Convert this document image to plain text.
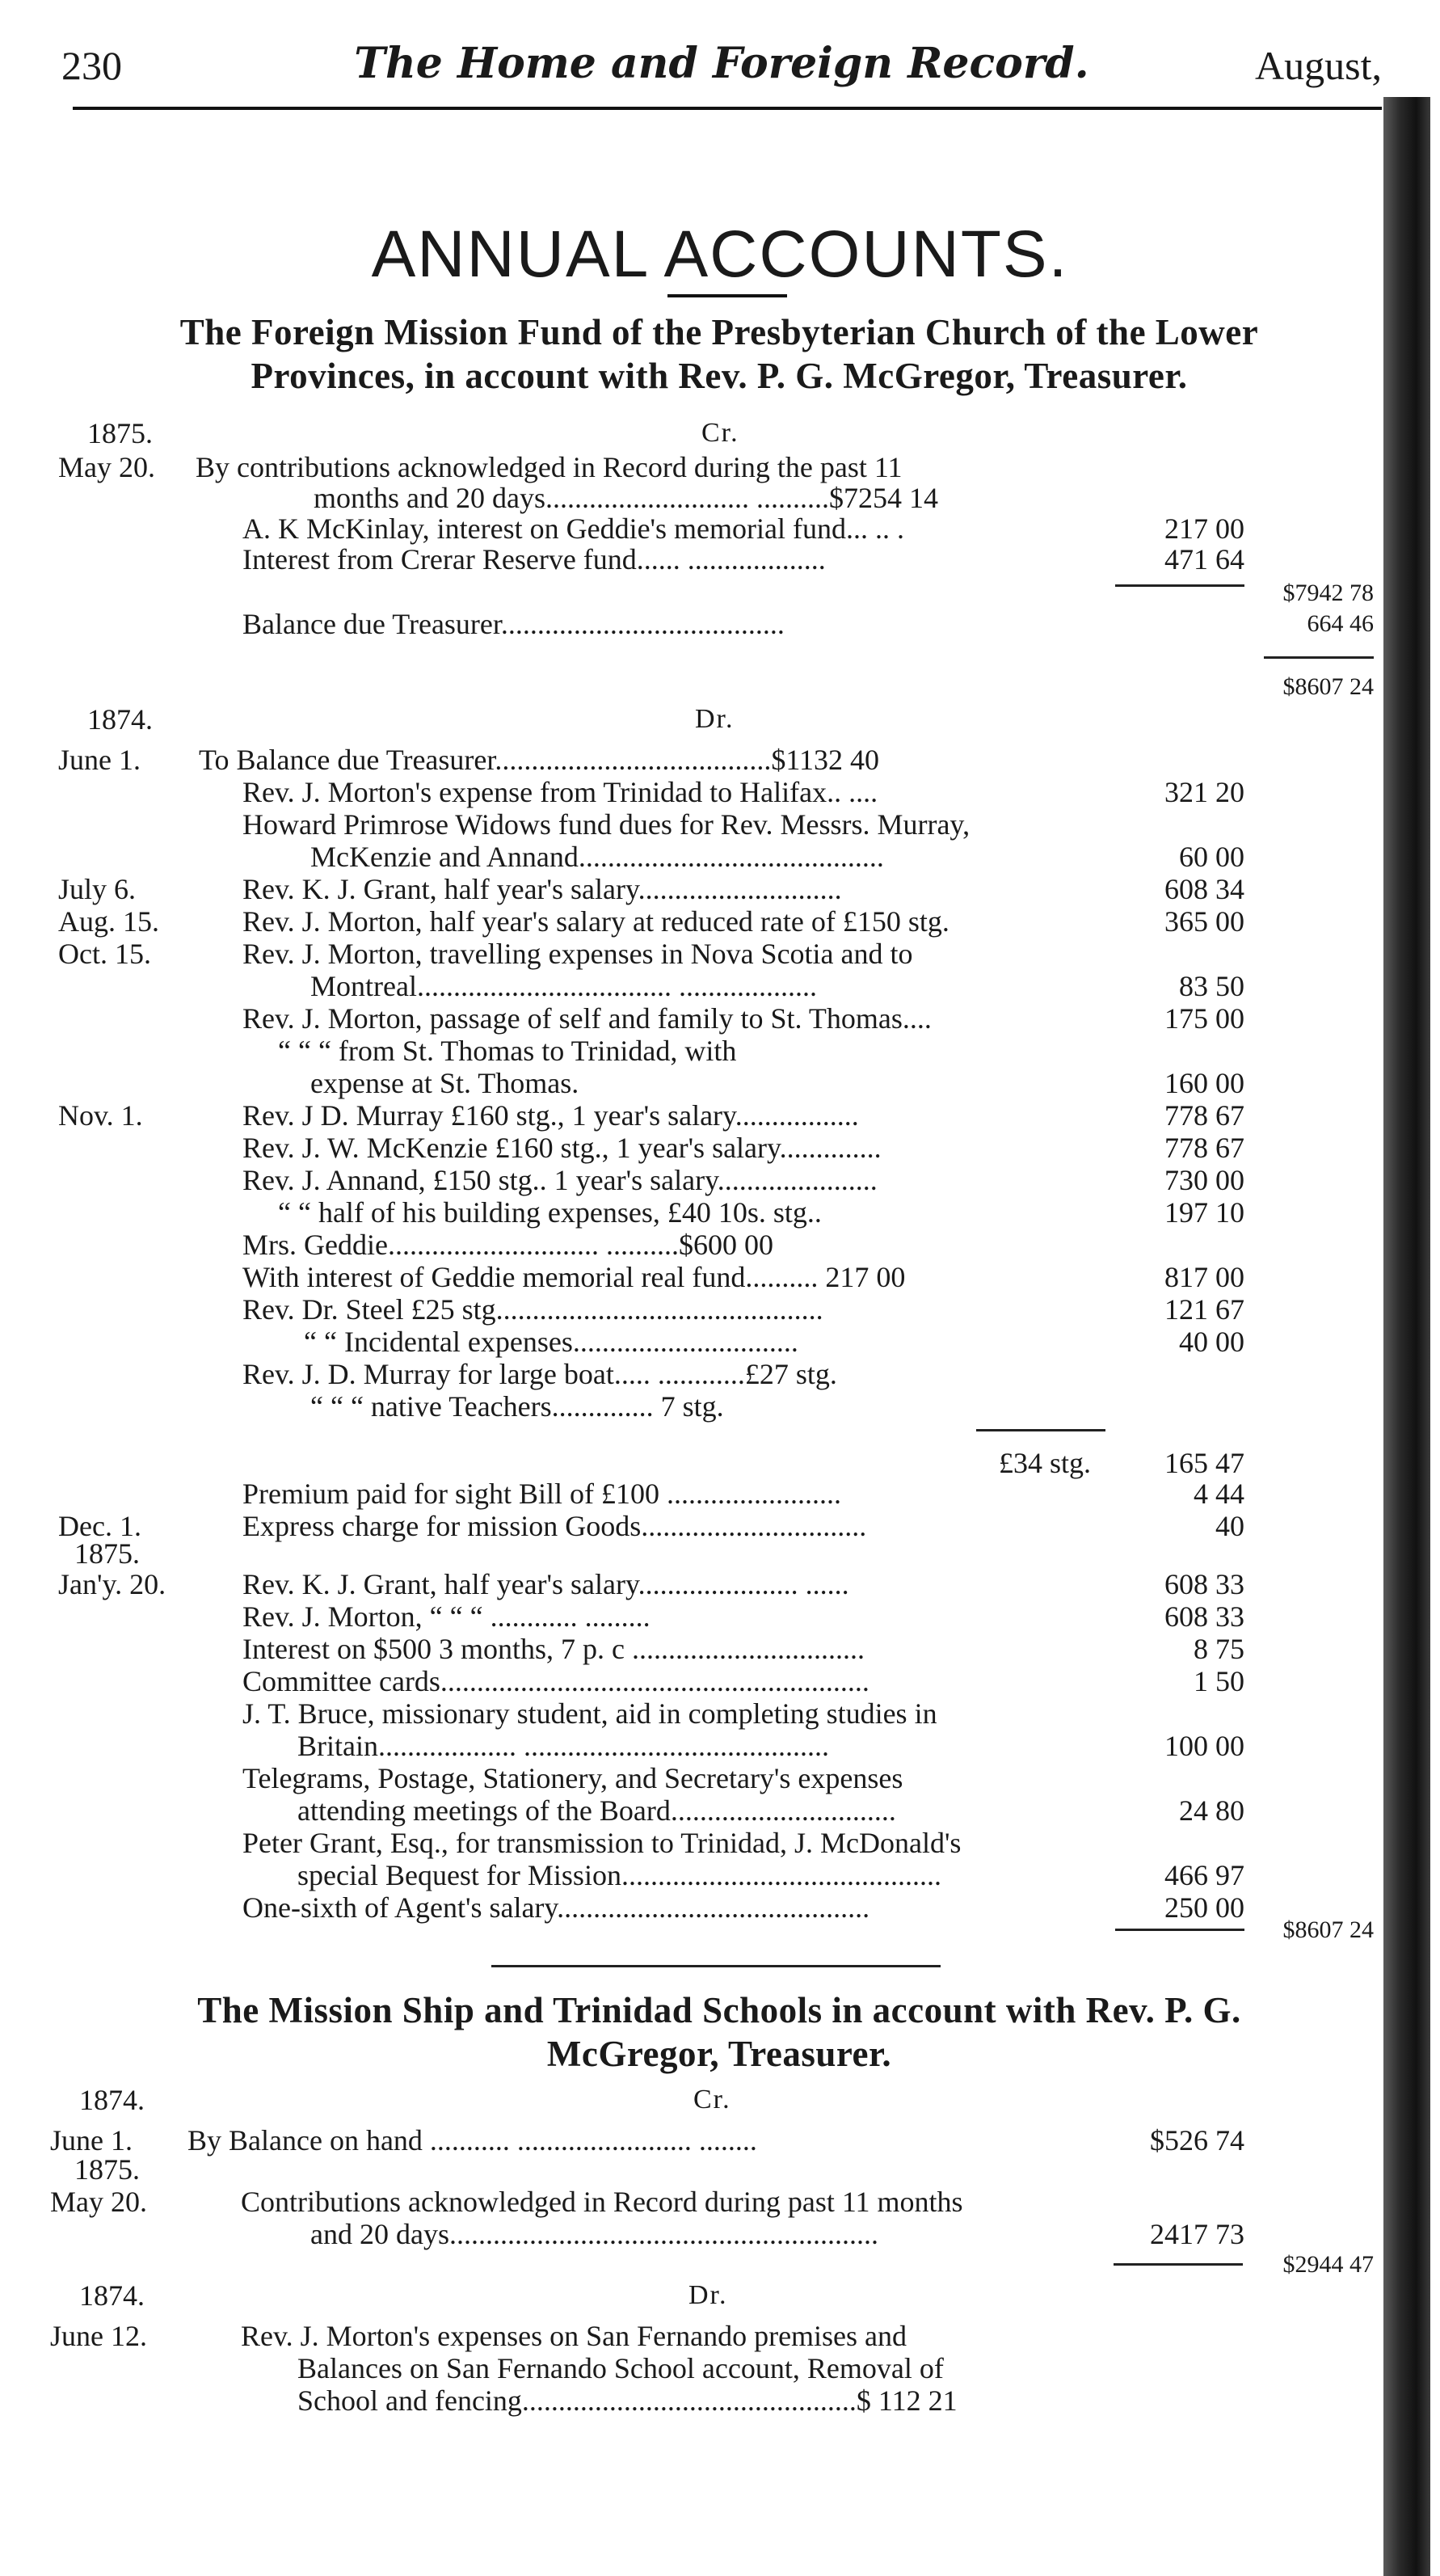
230	The Home and Foreign Record.	August,
ANNUAL ACCOUNTS.
The Foreign Mission Fund of the Presbyterian Church of the Lower
Provinces, in account with Rev. P. G. McGregor, Treasurer.
1875.	Cr.
May 20. By contributions acknowledged in Record during the past 11
months and 20 days............................ ..........$7254 14
A. K McKinlay, interest on Geddie's memorial fund... .. .	217 00
Interest from Crerar Reserve fund...... ...................	471 64
$7942 78
Balance due Treasurer.......................................	664 46
$8607 24
1874.	Dr.
June 1. To Balance due Treasurer......................................$1132 40
Rev. J. Morton's expense from Trinidad to Halifax.. ....	321 20
Howard Primrose Widows fund dues for Rev. Messrs. Murray,
McKenzie and Annand..........................................	60 00
July 6.	Rev. K. J. Grant, half year's salary............................	608 34
Aug. 15.	Rev. J. Morton, half year's salary at reduced rate of £150 stg.	365 00
Oct. 15.	Rev. J. Morton, travelling expenses in Nova Scotia and to
Montreal................................... ...................	83 50
Rev. J. Morton, passage of self and family to St. Thomas....	175 00
“ “ “ from St. Thomas to Trinidad, with
expense at St. Thomas.	160 00
Nov. 1.	Rev. J D. Murray £160 stg., 1 year's salary.................	778 67
Rev. J. W. McKenzie £160 stg., 1 year's salary..............	778 67
Rev. J. Annand, £150 stg.. 1 year's salary......................	730 00
“ “ half of his building expenses, £40 10s. stg..	197 10
Mrs. Geddie............................. ..........$600 00
With interest of Geddie memorial real fund.......... 217 00	817 00
Rev. Dr. Steel £25 stg.............................................	121 67
“ “ Incidental expenses...............................	40 00
Rev. J. D. Murray for large boat..... ............£27 stg.
“ “ “ native Teachers.............. 7 stg.
£34 stg.	165 47
Premium paid for sight Bill of £100 ........................	4 44
Dec. 1.	Express charge for mission Goods...............................	40
1875.
Jan'y. 20.	Rev. K. J. Grant, half year's salary...................... ......	608 33
Rev. J. Morton, “ “ “ ............ .........	608 33
Interest on $500 3 months, 7 p. c ................................	8 75
Committee cards...........................................................	1 50
J. T. Bruce, missionary student, aid in completing studies in
Britain................... ..........................................	100 00
Telegrams, Postage, Stationery, and Secretary's expenses
attending meetings of the Board...............................	24 80
Peter Grant, Esq., for transmission to Trinidad, J. McDonald's
special Bequest for Mission............................................	466 97
One-sixth of Agent's salary...........................................	250 00
$8607 24
The Mission Ship and Trinidad Schools in account with Rev. P. G.
McGregor, Treasurer.
1874.	Cr.
June 1. By Balance on hand ........... ........................ ........	$526 74
1875.
May 20.	Contributions acknowledged in Record during past 11 months
and 20 days...........................................................	2417 73
$2944 47
1874.	Dr.
June 12.	Rev. J. Morton's expenses on San Fernando premises and
Balances on San Fernando School account, Removal of
School and fencing..............................................$ 112 21
